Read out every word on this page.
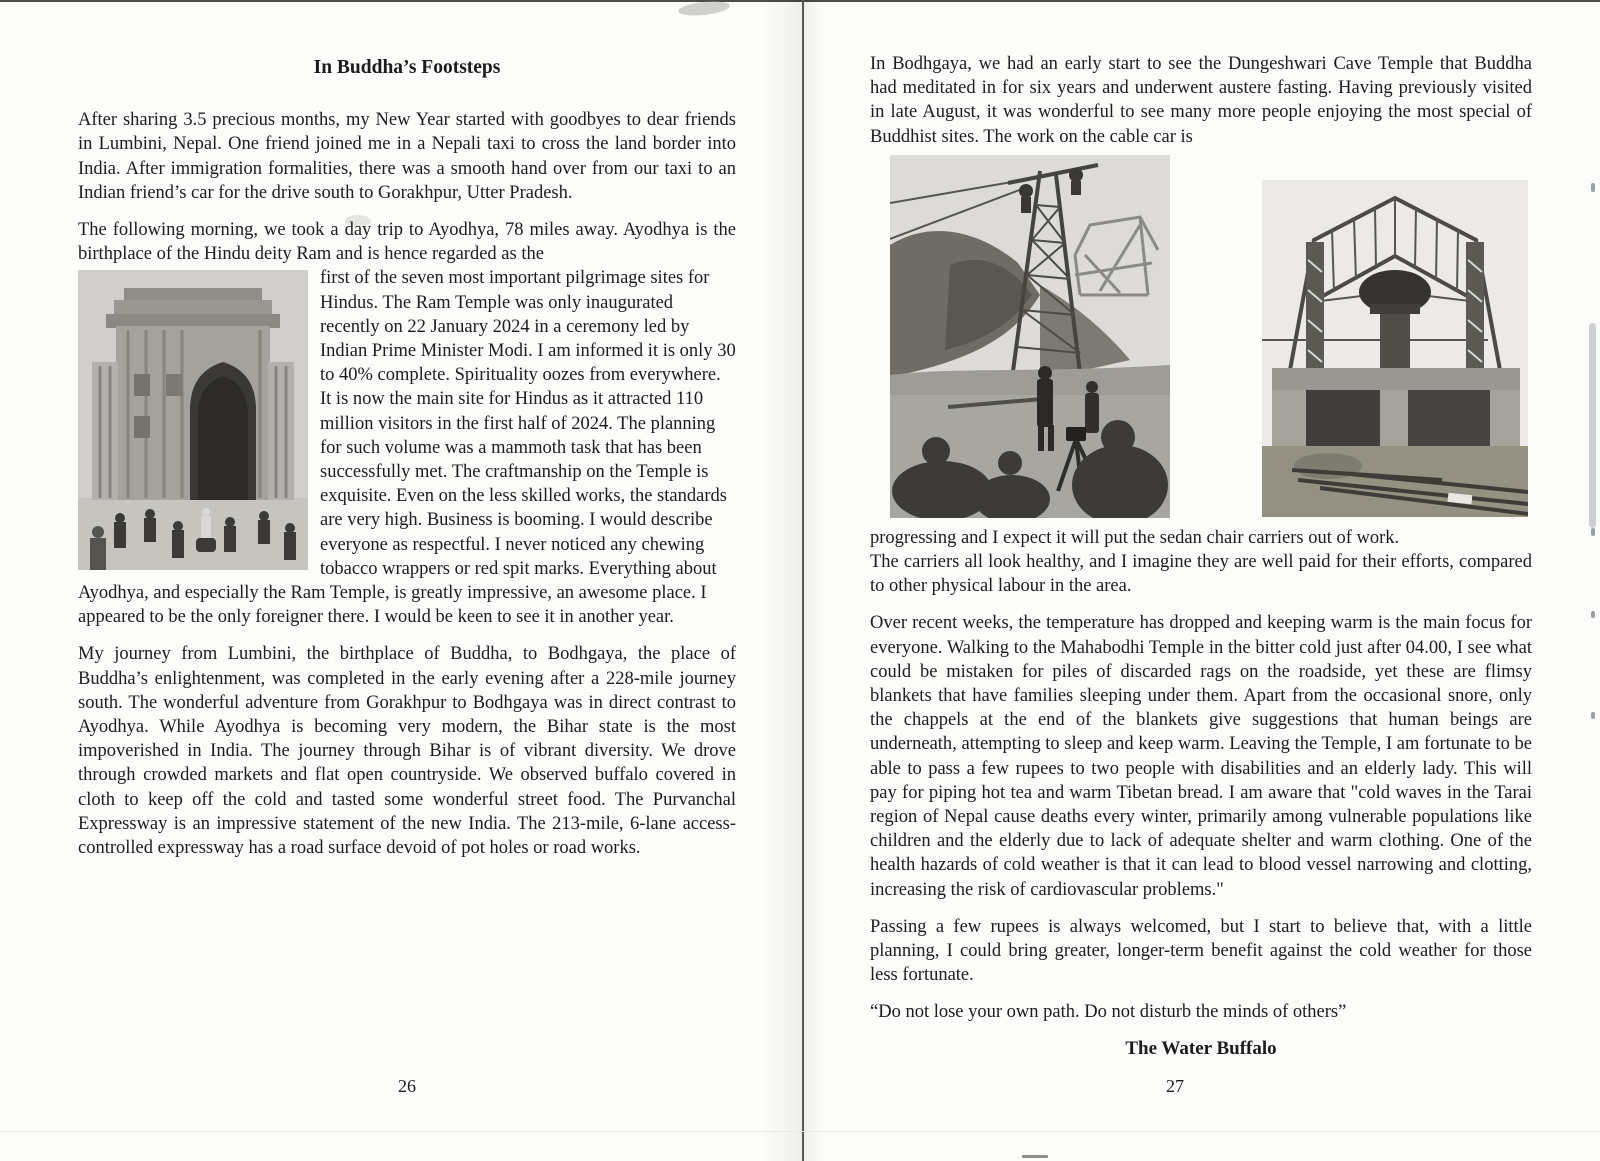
In Buddha’s Footsteps

After sharing 3.5 precious months, my New Year started with goodbyes to dear friends in Lumbini, Nepal. One friend joined me in a Nepali taxi to cross the land border into India. After immigration formalities, there was a smooth hand over from our taxi to an Indian friend’s car for the drive south to Gorakhpur, Utter Pradesh.

The following morning, we took a day trip to Ayodhya, 78 miles away. Ayodhya is the birthplace of the Hindu deity Ram and is hence regarded as the

first of the seven most important pilgrimage sites for Hindus. The Ram Temple was only inaugurated recently on 22 January 2024 in a ceremony led by Indian Prime Minister Modi. I am informed it is only 30 to 40% complete. Spirituality oozes from everywhere. It is now the main site for Hindus as it attracted 110 million visitors in the first half of 2024. The planning for such volume was a mammoth task that has been successfully met. The craftmanship on the Temple is exquisite. Even on the less skilled works, the standards are very high. Business is booming. I would describe everyone as respectful. I never noticed any chewing tobacco wrappers or red spit marks. Everything about Ayodhya, and especially the Ram Temple, is greatly impressive, an awesome place. I appeared to be the only foreigner there. I would be keen to see it in another year.

My journey from Lumbini, the birthplace of Buddha, to Bodhgaya, the place of Buddha’s enlightenment, was completed in the early evening after a 228-mile journey south. The wonderful adventure from Gorakhpur to Bodhgaya was in direct contrast to Ayodhya. While Ayodhya is becoming very modern, the Bihar state is the most impoverished in India. The journey through Bihar is of vibrant diversity. We drove through crowded markets and flat open countryside. We observed buffalo covered in cloth to keep off the cold and tasted some wonderful street food. The Purvanchal Expressway is an impressive statement of the new India. The 213-mile, 6-lane access-controlled expressway has a road surface devoid of pot holes or road works.

In Bodhgaya, we had an early start to see the Dungeshwari Cave Temple that Buddha had meditated in for six years and underwent austere fasting. Having previously visited in late August, it was wonderful to see many more people enjoying the most special of Buddhist sites. The work on the cable car is

progressing and I expect it will put the sedan chair carriers out of work.

The carriers all look healthy, and I imagine they are well paid for their efforts, compared to other physical labour in the area.

Over recent weeks, the temperature has dropped and keeping warm is the main focus for everyone. Walking to the Mahabodhi Temple in the bitter cold just after 04.00, I see what could be mistaken for piles of discarded rags on the roadside, yet these are flimsy blankets that have families sleeping under them. Apart from the occasional snore, only the chappels at the end of the blankets give suggestions that human beings are underneath, attempting to sleep and keep warm. Leaving the Temple, I am fortunate to be able to pass a few rupees to two people with disabilities and an elderly lady. This will pay for piping hot tea and warm Tibetan bread. I am aware that "cold waves in the Tarai region of Nepal cause deaths every winter, primarily among vulnerable populations like children and the elderly due to lack of adequate shelter and warm clothing. One of the health hazards of cold weather is that it can lead to blood vessel narrowing and clotting, increasing the risk of cardiovascular problems."

Passing a few rupees is always welcomed, but I start to believe that, with a little planning, I could bring greater, longer-term benefit against the cold weather for those less fortunate.

“Do not lose your own path. Do not disturb the minds of others”

The Water Buffalo

26	27
